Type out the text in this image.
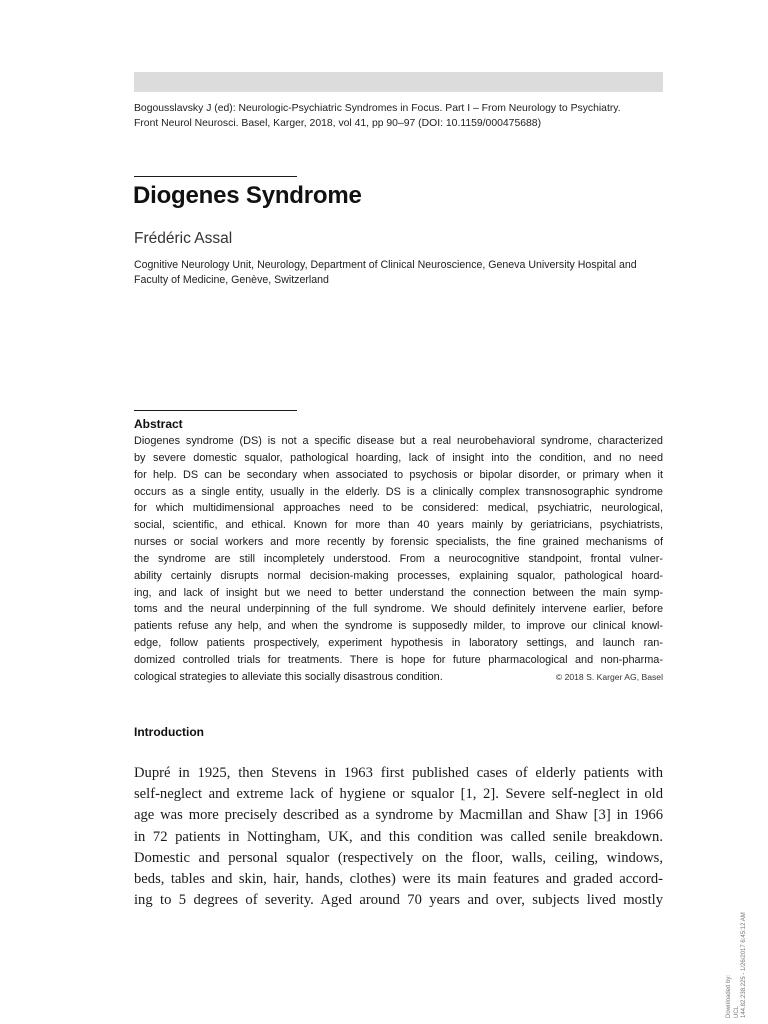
Bogousslavsky J (ed): Neurologic-Psychiatric Syndromes in Focus. Part I – From Neurology to Psychiatry.
Front Neurol Neurosci. Basel, Karger, 2018, vol 41, pp 90–97 (DOI: 10.1159/000475688)
Diogenes Syndrome
Frédéric Assal
Cognitive Neurology Unit, Neurology, Department of Clinical Neuroscience, Geneva University Hospital and
Faculty of Medicine, Genève, Switzerland
Abstract
Diogenes syndrome (DS) is not a specific disease but a real neurobehavioral syndrome, characterized
by severe domestic squalor, pathological hoarding, lack of insight into the condition, and no need
for help. DS can be secondary when associated to psychosis or bipolar disorder, or primary when it
occurs as a single entity, usually in the elderly. DS is a clinically complex transnosographic syndrome
for which multidimensional approaches need to be considered: medical, psychiatric, neurological,
social, scientific, and ethical. Known for more than 40 years mainly by geriatricians, psychiatrists,
nurses or social workers and more recently by forensic specialists, the fine grained mechanisms of
the syndrome are still incompletely understood. From a neurocognitive standpoint, frontal vulner-
ability certainly disrupts normal decision-making processes, explaining squalor, pathological hoard-
ing, and lack of insight but we need to better understand the connection between the main symp-
toms and the neural underpinning of the full syndrome. We should definitely intervene earlier, before
patients refuse any help, and when the syndrome is supposedly milder, to improve our clinical knowl-
edge, follow patients prospectively, experiment hypothesis in laboratory settings, and launch ran-
domized controlled trials for treatments. There is hope for future pharmacological and non-pharma-
cological strategies to alleviate this socially disastrous condition.	© 2018 S. Karger AG, Basel
Introduction
Dupré in 1925, then Stevens in 1963 first published cases of elderly patients with
self-neglect and extreme lack of hygiene or squalor [1, 2]. Severe self-neglect in old
age was more precisely described as a syndrome by Macmillan and Shaw [3] in 1966
in 72 patients in Nottingham, UK, and this condition was called senile breakdown.
Domestic and personal squalor (respectively on the floor, walls, ceiling, windows,
beds, tables and skin, hair, hands, clothes) were its main features and graded accord-
ing to 5 degrees of severity. Aged around 70 years and over, subjects lived mostly
Downloaded by: UCL 144.82.238.225 - 1/26/2017 6:45:12 AM
